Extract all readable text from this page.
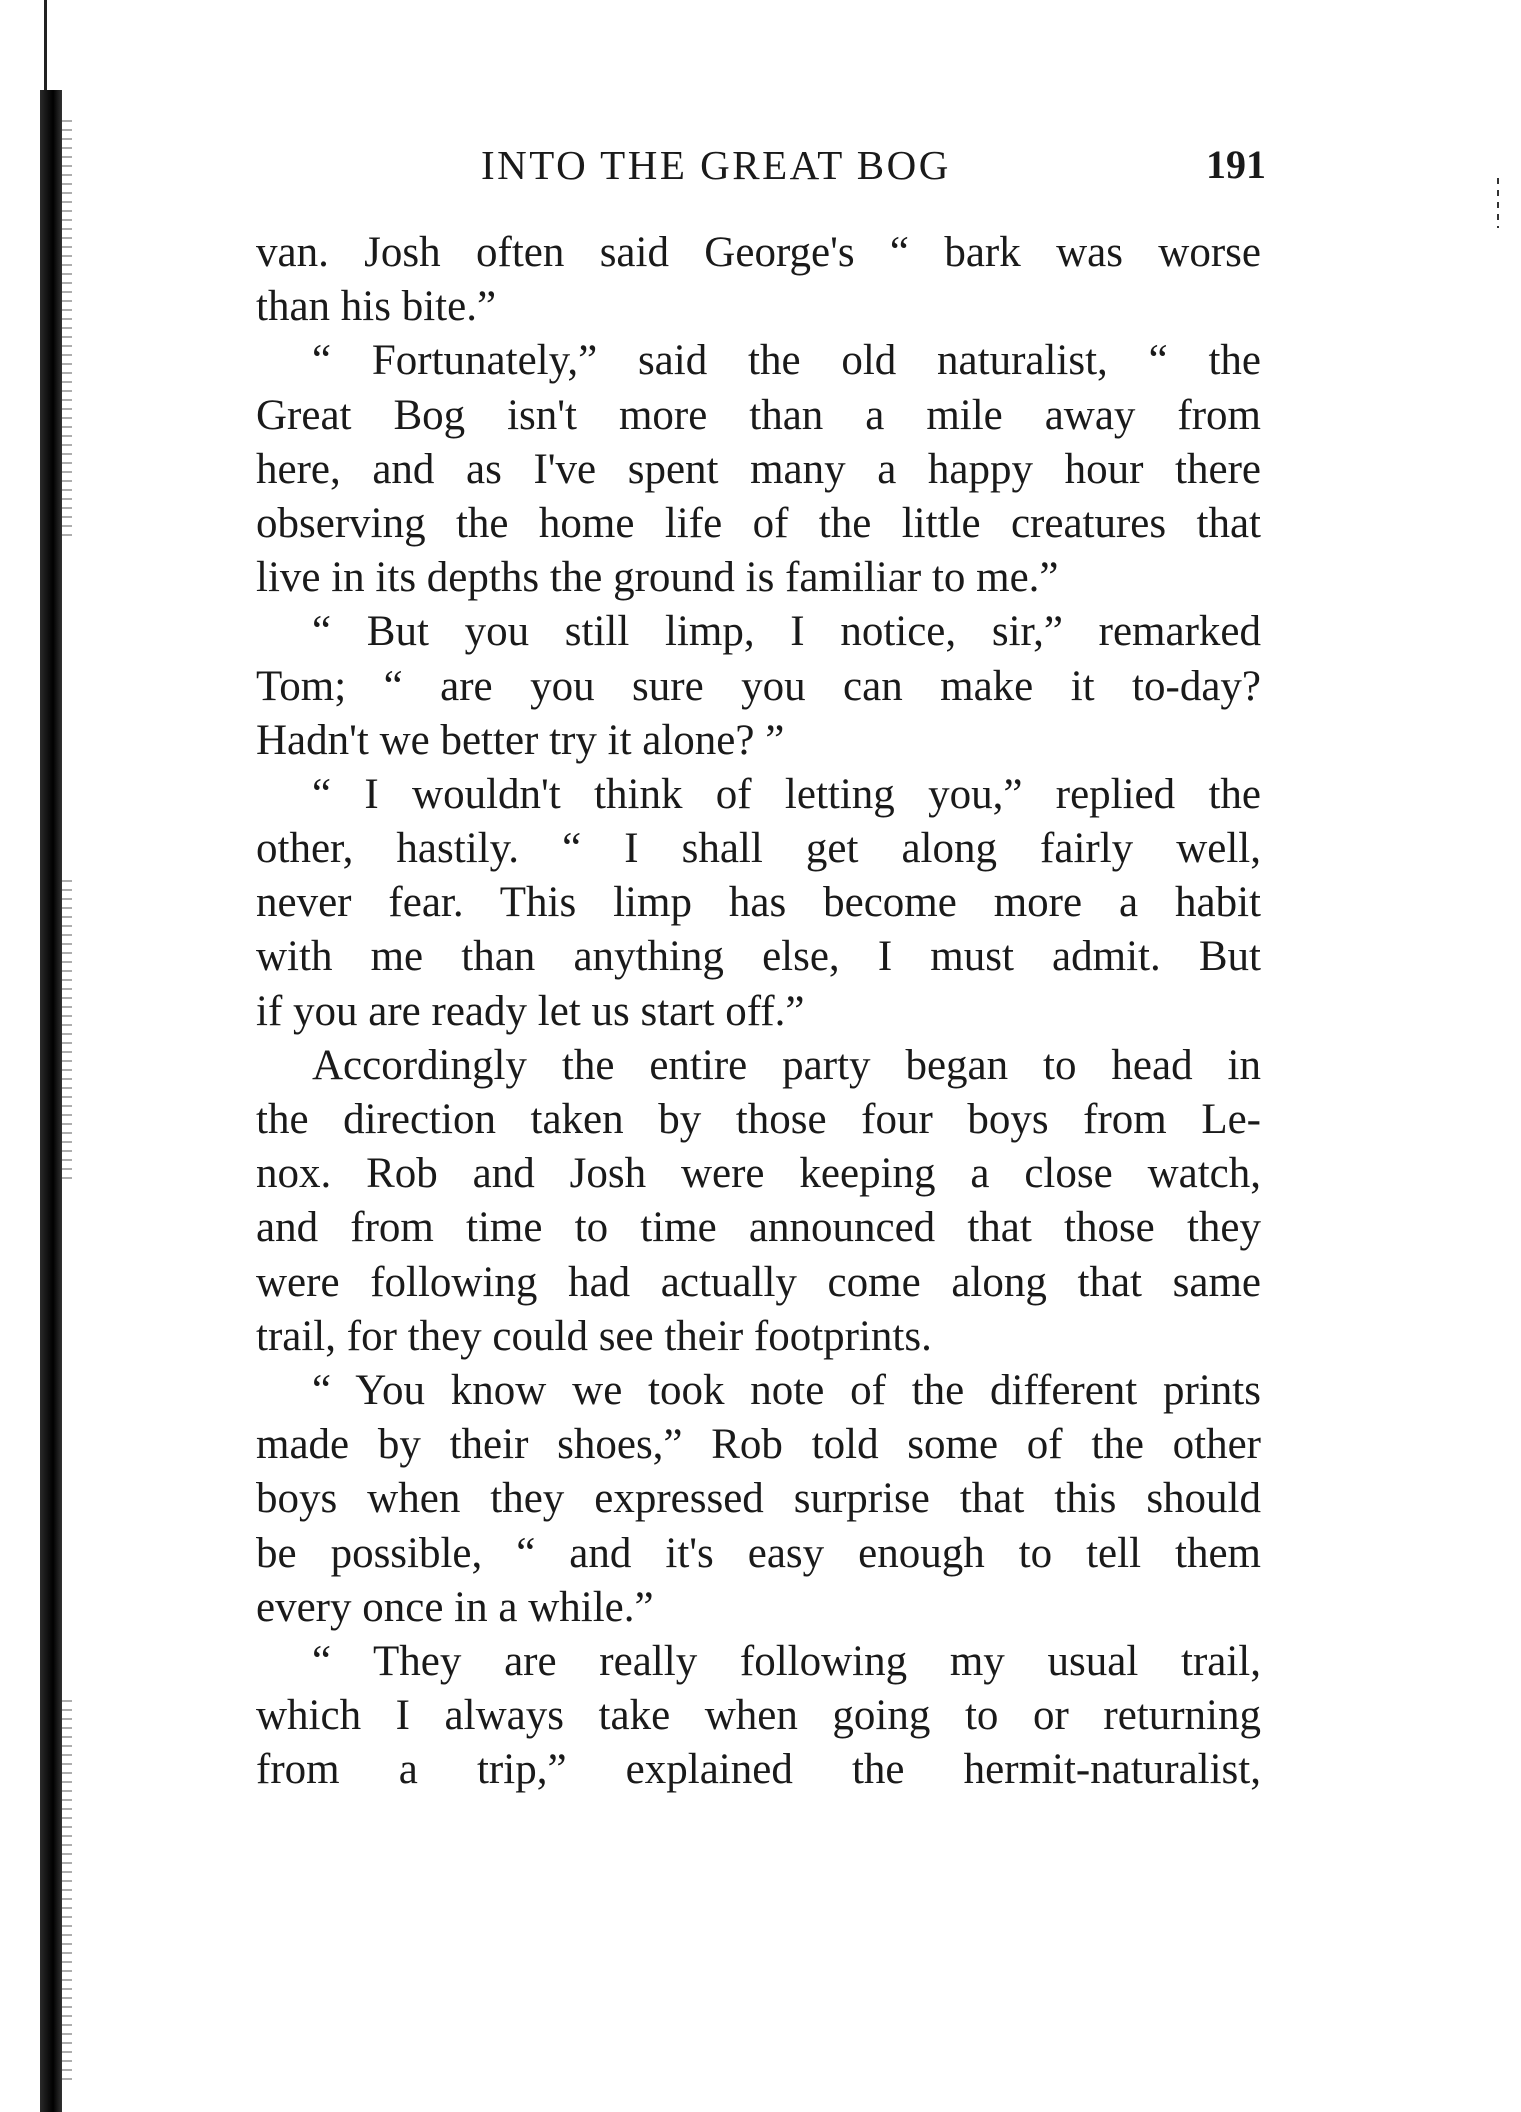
INTO THE GREAT BOG	191
van. Josh often said George's “ bark was worse
than his bite.”
“ Fortunately,” said the old naturalist, “ the
Great Bog isn't more than a mile away from
here, and as I've spent many a happy hour there
observing the home life of the little creatures that
live in its depths the ground is familiar to me.”
“ But you still limp, I notice, sir,” remarked
Tom; “ are you sure you can make it to-day?
Hadn't we better try it alone? ”
“ I wouldn't think of letting you,” replied the
other, hastily. “ I shall get along fairly well,
never fear. This limp has become more a habit
with me than anything else, I must admit. But
if you are ready let us start off.”
Accordingly the entire party began to head in
the direction taken by those four boys from Le-
nox. Rob and Josh were keeping a close watch,
and from time to time announced that those they
were following had actually come along that same
trail, for they could see their footprints.
“ You know we took note of the different prints
made by their shoes,” Rob told some of the other
boys when they expressed surprise that this should
be possible, “ and it's easy enough to tell them
every once in a while.”
“ They are really following my usual trail,
which I always take when going to or returning
from a trip,” explained the hermit-naturalist,
